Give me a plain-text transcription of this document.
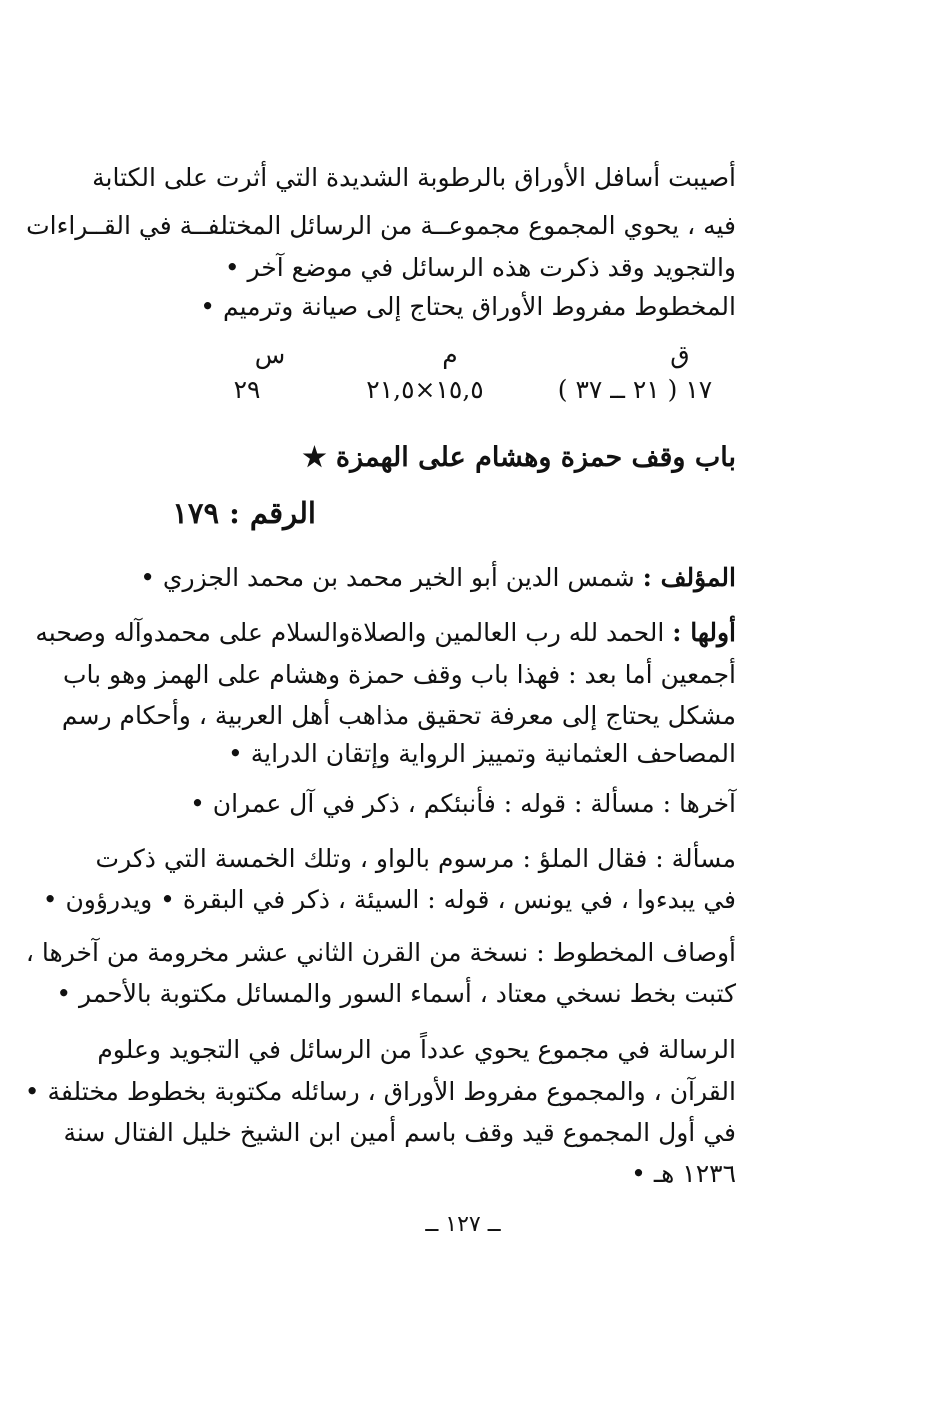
أصيبت أسافل الأوراق بالرطوبة الشديدة التي أثرت على الكتابة
فيه ، يحوي المجموع مجموعــة من الرسائل المختلفــة في القــراءات
والتجويد وقد ذكرت هذه الرسائل في موضع آخر •
المخطوط مفروط الأوراق يحتاج إلى صيانة وترميم •
ق
م
س
١٧ ( ٢١ ــ ٣٧ )
١٥,٥×٢١,٥
٢٩
باب وقف حمزة وهشام على الهمزة ★
الرقم : ١٧٩
المؤلف : شمس الدين أبو الخير محمد بن محمد الجزري •
أولها : الحمد لله رب العالمين والصلاةوالسلام على محمدوآله وصحبه
أجمعين أما بعد : فهذا باب وقف حمزة وهشام على الهمز وهو باب
مشكل يحتاج إلى معرفة تحقيق مذاهب أهل العربية ، وأحكام رسم
المصاحف العثمانية وتمييز الرواية وإتقان الدراية •
آخرها : مسألة : قوله : فأنبئكم ، ذكر في آل عمران •
مسألة : فقال الملؤ : مرسوم بالواو ، وتلك الخمسة التي ذكرت
في يبدءوا ، في يونس ، قوله : السيئة ، ذكر في البقرة • ويدرؤون •
أوصاف المخطوط : نسخة من القرن الثاني عشر مخرومة من آخرها ،
كتبت بخط نسخي معتاد ، أسماء السور والمسائل مكتوبة بالأحمر •
الرسالة في مجموع يحوي عدداً من الرسائل في التجويد وعلوم
القرآن ، والمجموع مفروط الأوراق ، رسائله مكتوبة بخطوط مختلفة •
في أول المجموع قيد وقف باسم أمين ابن الشيخ خليل الفتال سنة
١٢٣٦ هـ •
ــ ١٢٧ ــ
